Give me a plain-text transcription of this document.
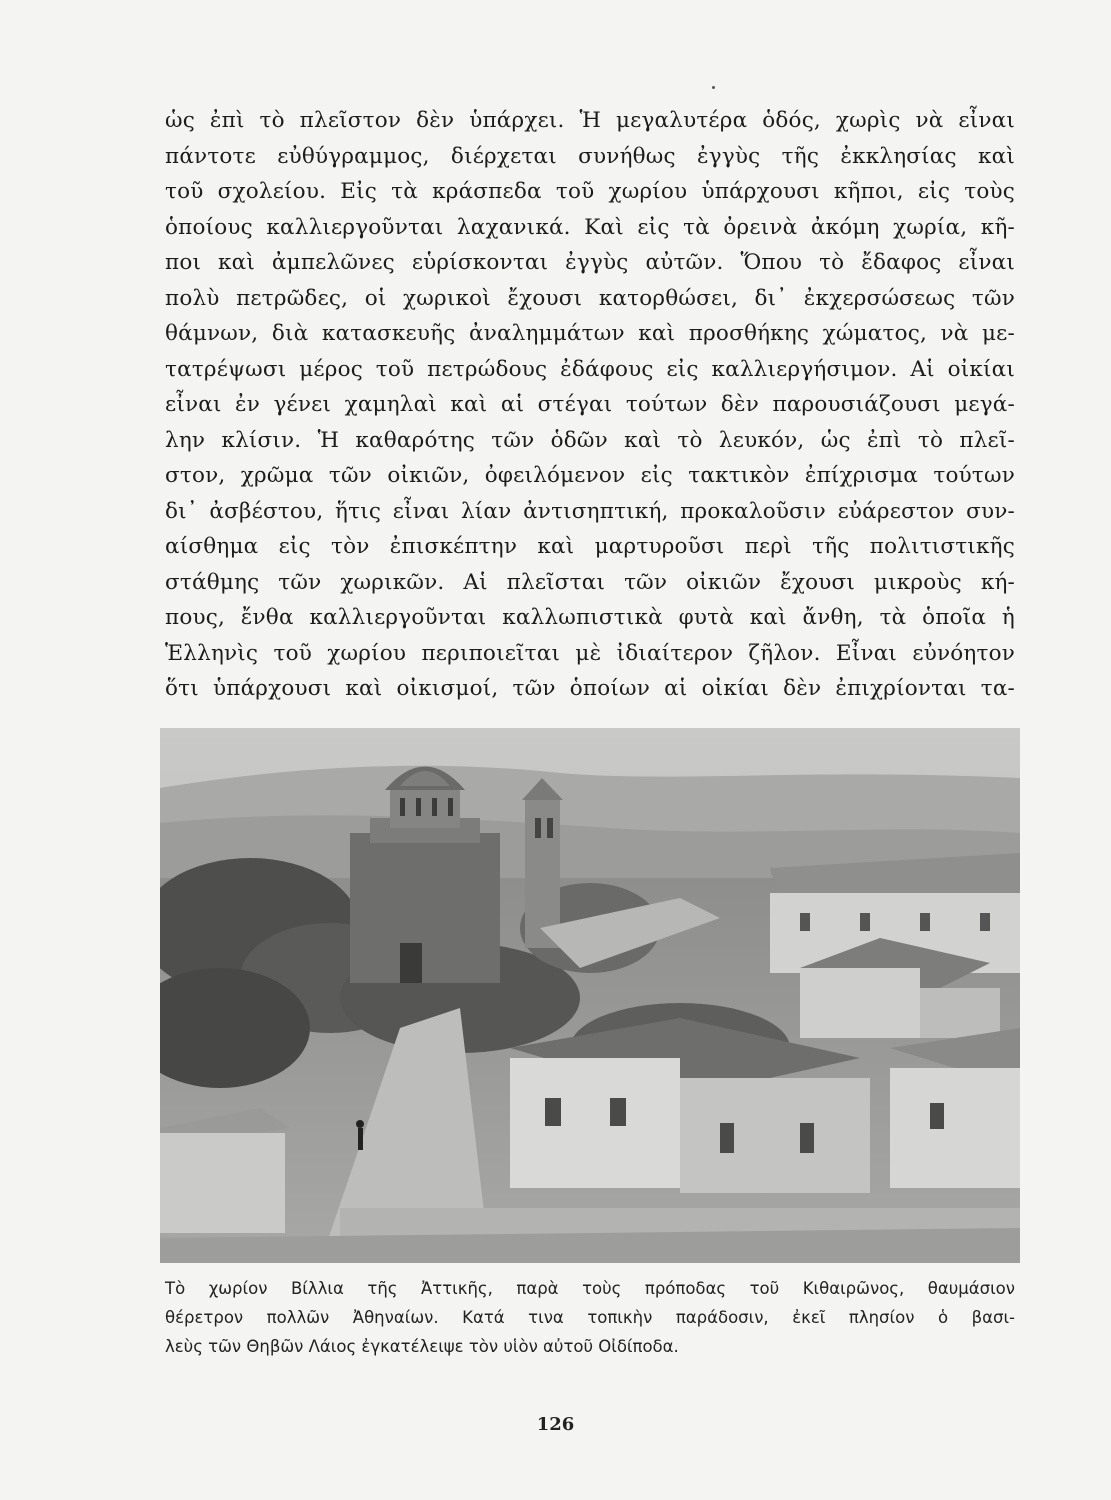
ὡς ἐπὶ τὸ πλεῖστον δὲν ὑπάρχει. Ἡ μεγαλυτέρα ὁδός, χωρὶς νὰ εἶναι
πάντοτε εὐθύγραμμος, διέρχεται συνήθως ἐγγὺς τῆς ἐκκλησίας καὶ
τοῦ σχολείου. Εἰς τὰ κράσπεδα τοῦ χωρίου ὑπάρχουσι κῆποι, εἰς τοὺς
ὁποίους καλλιεργοῦνται λαχανικά. Καὶ εἰς τὰ ὀρεινὰ ἀκόμη χωρία, κῆ-
ποι καὶ ἀμπελῶνες εὑρίσκονται ἐγγὺς αὐτῶν. Ὅπου τὸ ἔδαφος εἶναι
πολὺ πετρῶδες, οἱ χωρικοὶ ἔχουσι κατορθώσει, δι᾽ ἐκχερσώσεως τῶν
θάμνων, διὰ κατασκευῆς ἀναλημμάτων καὶ προσθήκης χώματος, νὰ με-
τατρέψωσι μέρος τοῦ πετρώδους ἐδάφους εἰς καλλιεργήσιμον. Αἱ οἰκίαι
εἶναι ἐν γένει χαμηλαὶ καὶ αἱ στέγαι τούτων δὲν παρουσιάζουσι μεγά-
λην κλίσιν. Ἡ καθαρότης τῶν ὁδῶν καὶ τὸ λευκόν, ὡς ἐπὶ τὸ πλεῖ-
στον, χρῶμα τῶν οἰκιῶν, ὀφειλόμενον εἰς τακτικὸν ἐπίχρισμα τούτων
δι᾽ ἀσβέστου, ἥτις εἶναι λίαν ἀντισηπτική, προκαλοῦσιν εὐάρεστον συν-
αίσθημα εἰς τὸν ἐπισκέπτην καὶ μαρτυροῦσι περὶ τῆς πολιτιστικῆς
στάθμης τῶν χωρικῶν. Αἱ πλεῖσται τῶν οἰκιῶν ἔχουσι μικροὺς κή-
πους, ἔνθα καλλιεργοῦνται καλλωπιστικὰ φυτὰ καὶ ἄνθη, τὰ ὁποῖα ἡ
Ἑλληνὶς τοῦ χωρίου περιποιεῖται μὲ ἰδιαίτερον ζῆλον. Εἶναι εὐνόητον
ὅτι ὑπάρχουσι καὶ οἰκισμοί, τῶν ὁποίων αἱ οἰκίαι δὲν ἐπιχρίονται τα-
Τὸ χωρίον Βίλλια τῆς Ἀττικῆς, παρὰ τοὺς πρόποδας τοῦ Κιθαιρῶνος, θαυμάσιον
θέρετρον πολλῶν Ἀθηναίων. Κατά τινα τοπικὴν παράδοσιν, ἐκεῖ πλησίον ὁ βασι-
λεὺς τῶν Θηβῶν Λάιος ἐγκατέλειψε τὸν υἱὸν αὐτοῦ Οἰδίποδα.
126
